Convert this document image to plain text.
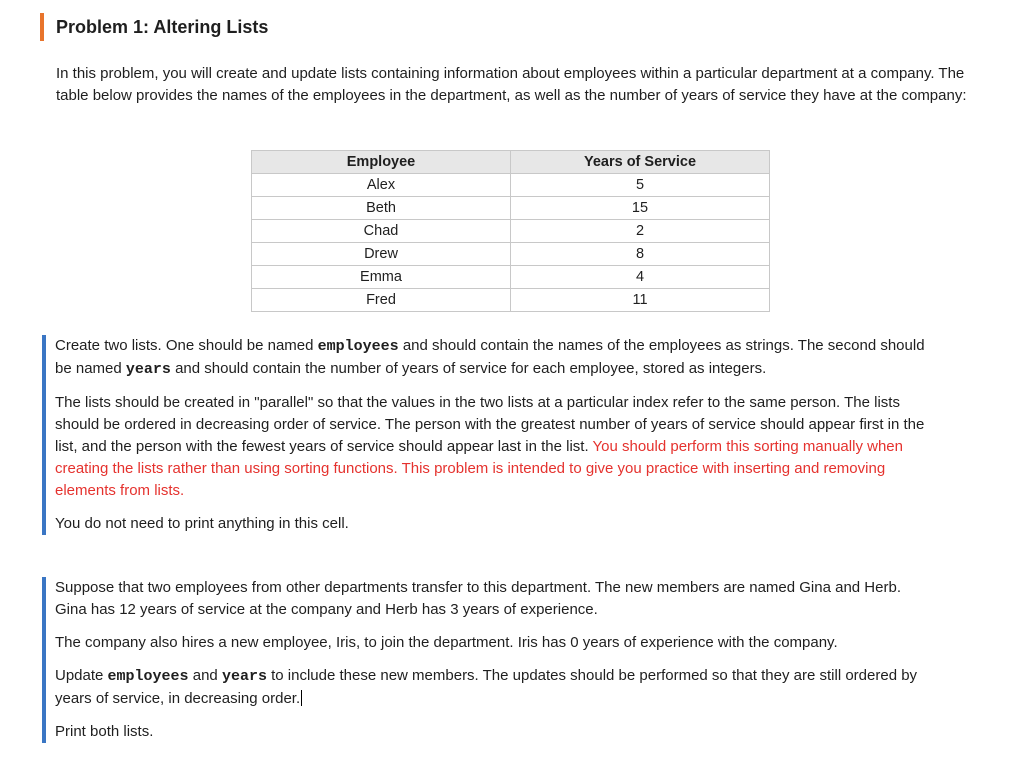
Problem 1: Altering Lists

In this problem, you will create and update lists containing information about employees within a particular department at a company. The table below provides the names of the employees in the department, as well as the number of years of service they have at the company:

Employee	Years of Service
Alex	5
Beth	15
Chad	2
Drew	8
Emma	4
Fred	11

Create two lists. One should be named employees and should contain the names of the employees as strings. The second should be named years and should contain the number of years of service for each employee, stored as integers.

The lists should be created in "parallel" so that the values in the two lists at a particular index refer to the same person. The lists should be ordered in decreasing order of service. The person with the greatest number of years of service should appear first in the list, and the person with the fewest years of service should appear last in the list. You should perform this sorting manually when creating the lists rather than using sorting functions. This problem is intended to give you practice with inserting and removing elements from lists.

You do not need to print anything in this cell.

Suppose that two employees from other departments transfer to this department. The new members are named Gina and Herb. Gina has 12 years of service at the company and Herb has 3 years of experience.

The company also hires a new employee, Iris, to join the department. Iris has 0 years of experience with the company.

Update employees and years to include these new members. The updates should be performed so that they are still ordered by years of service, in decreasing order.

Print both lists.
